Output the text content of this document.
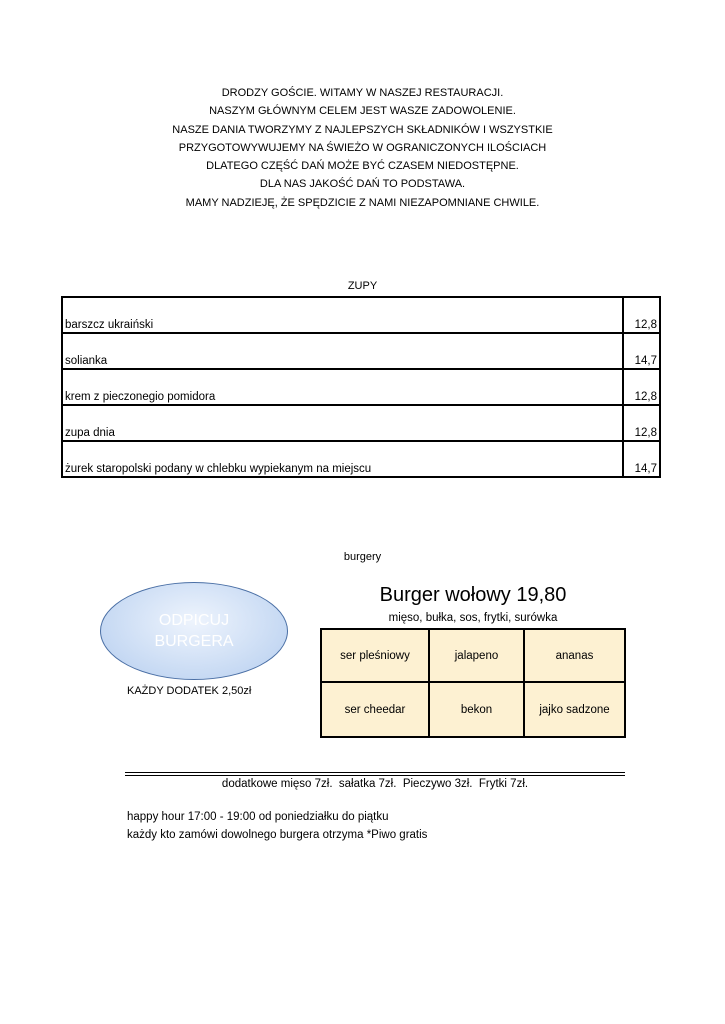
DRODZY GOŚCIE. WITAMY W NASZEJ RESTAURACJI.
NASZYM GŁÓWNYM CELEM JEST WASZE ZADOWOLENIE.
NASZE DANIA TWORZYMY Z NAJLEPSZYCH SKŁADNIKÓW I WSZYSTKIE
PRZYGOTOWYWUJEMY NA ŚWIEŻO W OGRANICZONYCH ILOŚCIACH
DLATEGO CZĘŚĆ DAŃ MOŻE BYĆ CZASEM NIEDOSTĘPNE.
DLA NAS JAKOŚĆ DAŃ TO PODSTAWA.
MAMY NADZIEJĘ, ŻE SPĘDZICIE Z NAMI NIEZAPOMNIANE CHWILE.
ZUPY
barszcz ukraiński	12,8
solianka	14,7
krem z pieczonegio pomidora	12,8
zupa dnia	12,8
żurek staropolski podany w chlebku wypiekanym na miejscu	14,7
burgery
ODPICUJ
BURGERA
KAŻDY DODATEK 2,50zł
Burger wołowy 19,80
mięso, bułka, sos, frytki, surówka
ser pleśniowy	jalapeno	ananas
ser cheedar	bekon	jajko sadzone
dodatkowe mięso 7zł.  sałatka 7zł.  Pieczywo 3zł.  Frytki 7zł.
happy hour 17:00 - 19:00 od poniedziałku do piątku
każdy kto zamówi dowolnego burgera otrzyma *Piwo gratis
